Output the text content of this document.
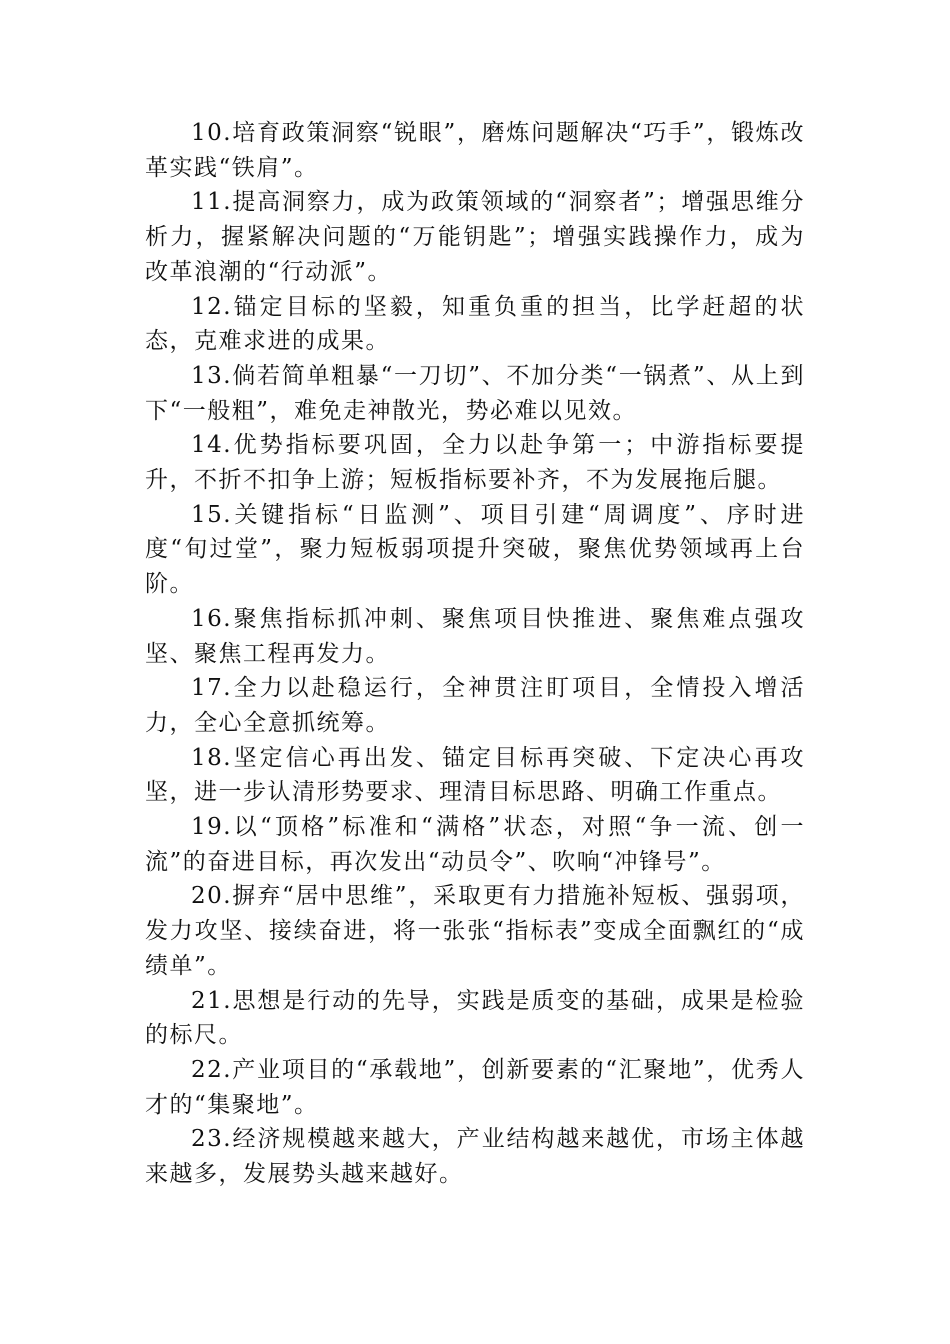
10.培育政策洞察“锐眼”，磨炼问题解决“巧手”，锻炼改革实践“铁肩”。

11.提高洞察力，成为政策领域的“洞察者”；增强思维分析力，握紧解决问题的“万能钥匙”；增强实践操作力，成为改革浪潮的“行动派”。

12.锚定目标的坚毅，知重负重的担当，比学赶超的状态，克难求进的成果。

13.倘若简单粗暴“一刀切”、不加分类“一锅煮”、从上到下“一般粗”，难免走神散光，势必难以见效。

14.优势指标要巩固，全力以赴争第一；中游指标要提升，不折不扣争上游；短板指标要补齐，不为发展拖后腿。

15.关键指标“日监测”、项目引建“周调度”、序时进度“旬过堂”，聚力短板弱项提升突破，聚焦优势领域再上台阶。

16.聚焦指标抓冲刺、聚焦项目快推进、聚焦难点强攻坚、聚焦工程再发力。

17.全力以赴稳运行，全神贯注盯项目，全情投入增活力，全心全意抓统筹。

18.坚定信心再出发、锚定目标再突破、下定决心再攻坚，进一步认清形势要求、理清目标思路、明确工作重点。

19.以“顶格”标准和“满格”状态，对照“争一流、创一流”的奋进目标，再次发出“动员令”、吹响“冲锋号”。

20.摒弃“居中思维”，采取更有力措施补短板、强弱项，发力攻坚、接续奋进，将一张张“指标表”变成全面飘红的“成绩单”。

21.思想是行动的先导，实践是质变的基础，成果是检验的标尺。

22.产业项目的“承载地”，创新要素的“汇聚地”，优秀人才的“集聚地”。

23.经济规模越来越大，产业结构越来越优，市场主体越来越多，发展势头越来越好。
